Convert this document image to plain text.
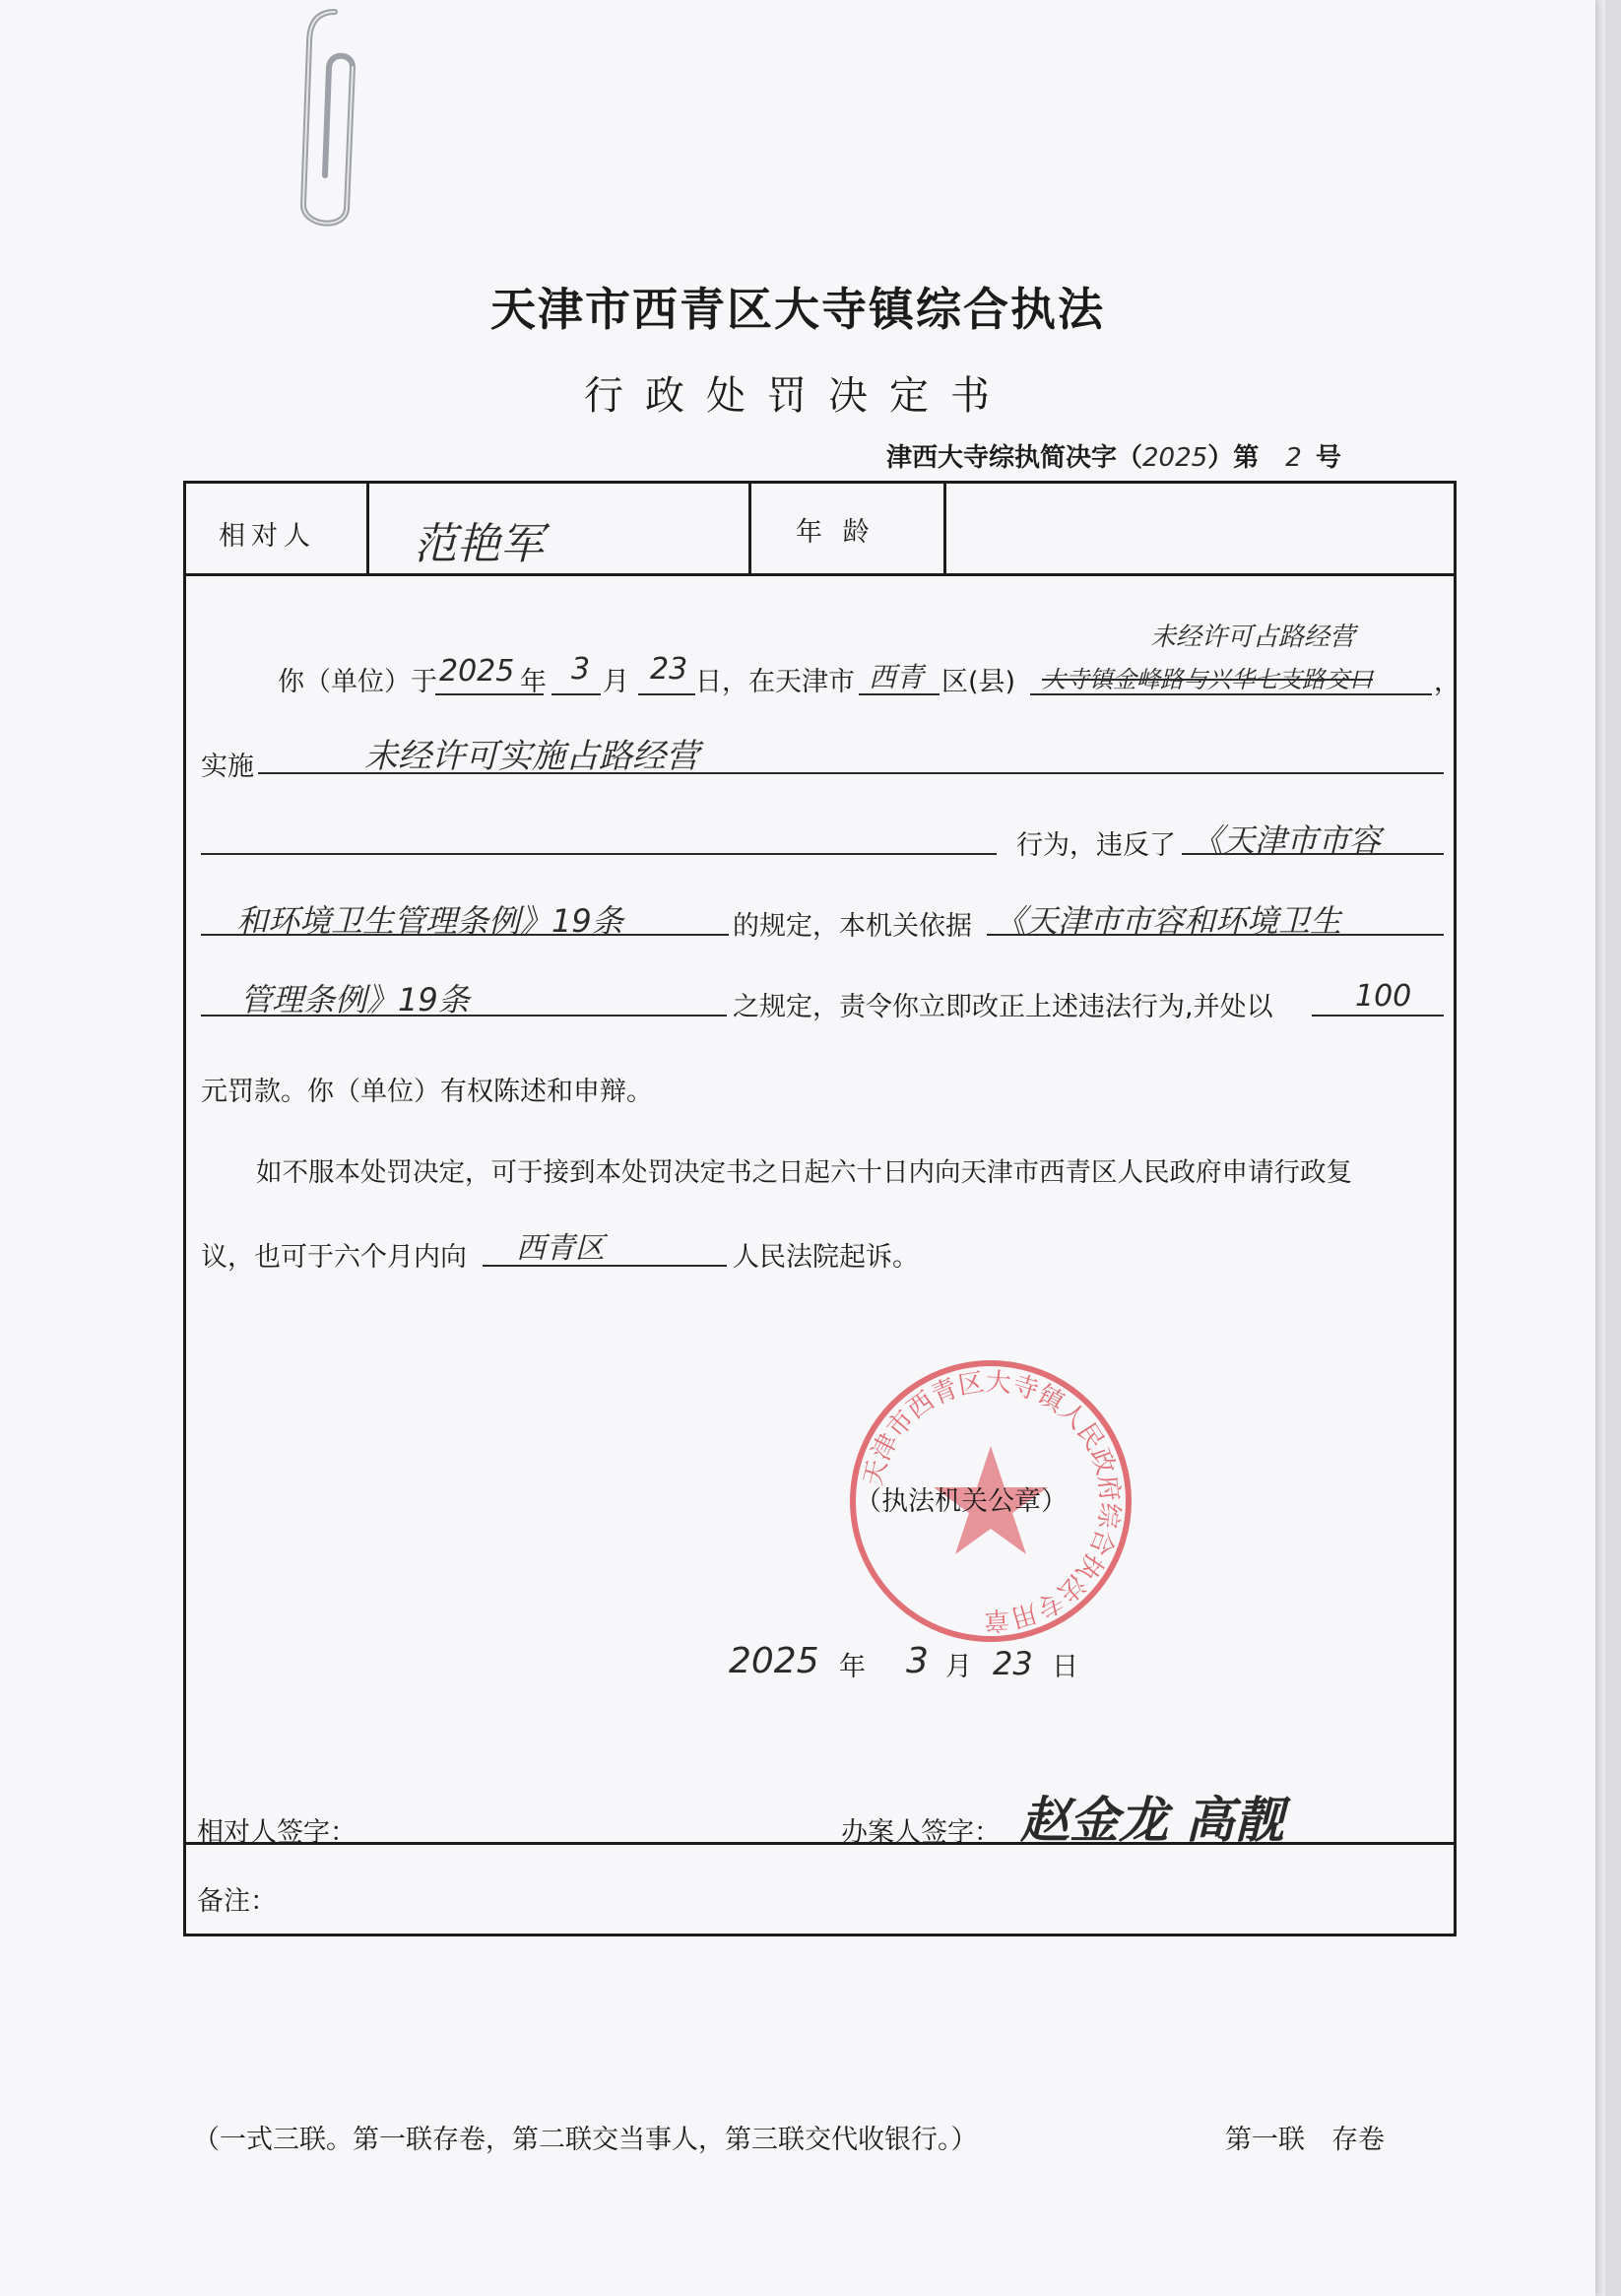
天津市西青区大寺镇综合执法
行政处罚决定书
津西大寺综执简决字（2025）第 2 号
相对人 范艳军	年 龄
你（单位）于 2025 年 3 月 23 日，在天津市 西青 区(县)
未经许可占路经营
大寺镇金峰路与兴华七支路交口 ，
实施	未经许可实施占路经营
行为，违反了 《天津市市容
和环境卫生管理条例》19条	的规定，本机关依据 《天津市市容和环境卫生
管理条例》19条	之规定，责令你立即改正上述违法行为,并处以	100
元罚款。你（单位）有权陈述和申辩。
如不服本处罚决定，可于接到本处罚决定书之日起六十日内向天津市西青区人民政府申请行政复
议，也可于六个月内向 西青区	人民法院起诉。
天津市西青区大寺镇人民政府综合执法专用章
（执法机关公章）
2025 年 3 月 23 日
相对人签字：	办案人签字： 赵金龙 高靓
备注：
（一式三联。第一联存卷，第二联交当事人，第三联交代收银行。）	第一联　存卷
